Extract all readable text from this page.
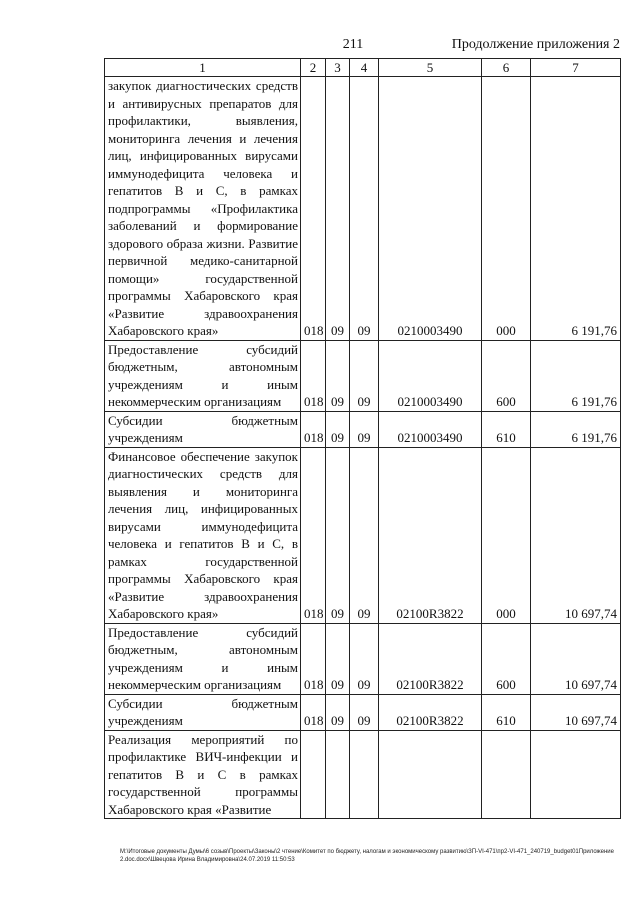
211	Продолжение приложения 2
1	2	3	4	5	6	7
закупок диагностических средств и антивирусных препаратов для профилактики, выявления, мониторинга лечения и лечения лиц, инфицированных вирусами иммунодефицита человека и гепатитов В и С, в рамках подпрограммы «Профилактика заболеваний и формирование здорового образа жизни. Развитие первичной медико-санитарной помощи» государственной программы Хабаровского края «Развитие здравоохранения Хабаровского края»	018	09	09	0210003490	000	6 191,76
Предоставление субсидий бюджетным, автономным учреждениям и иным некоммерческим организациям	018	09	09	0210003490	600	6 191,76
Субсидии бюджетным учреждениям	018	09	09	0210003490	610	6 191,76
Финансовое обеспечение закупок диагностических средств для выявления и мониторинга лечения лиц, инфицированных вирусами иммунодефицита человека и гепатитов В и С, в рамках государственной программы Хабаровского края «Развитие здравоохранения Хабаровского края»	018	09	09	02100R3822	000	10 697,74
Предоставление субсидий бюджетным, автономным учреждениям и иным некоммерческим организациям	018	09	09	02100R3822	600	10 697,74
Субсидии бюджетным учреждениям	018	09	09	02100R3822	610	10 697,74
Реализация мероприятий по профилактике ВИЧ-инфекции и гепатитов В и С в рамках государственной программы Хабаровского края «Развитие						
M:\Итоговые документы Думы\6 созыв\Проекты\Законы\2 чтение\Комитет по бюджету, налогам и экономическому развитию\ЗП-VI-471\пр2-VI-471_240719_budget01Приложение 2.doc.docx\Швецова Ирина Владимировна\24.07.2019 11:50:53
